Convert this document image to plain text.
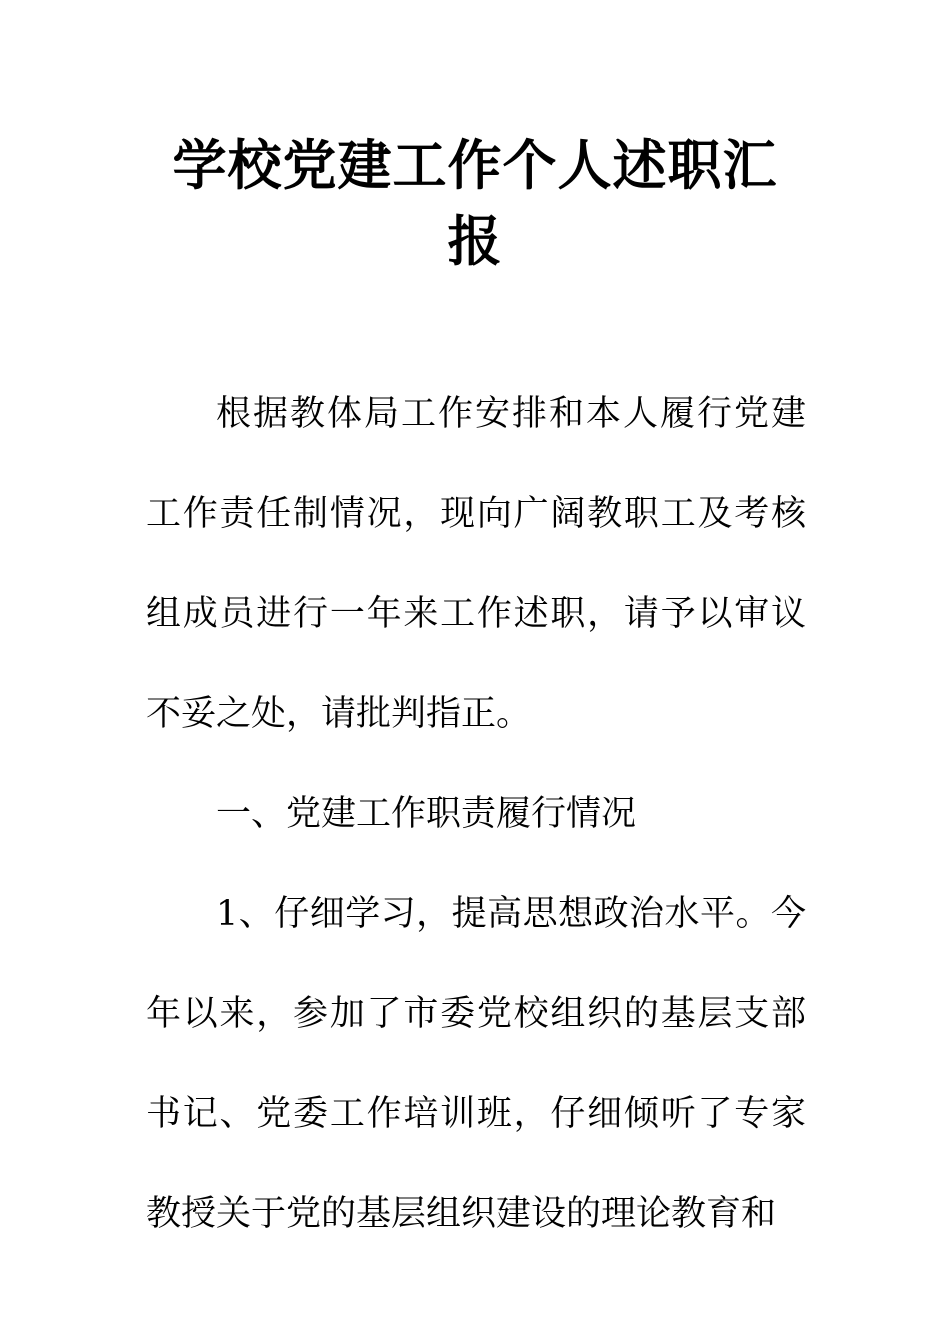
学校党建工作个人述职汇报

根据教体局工作安排和本人履行党建工作责任制情况，现向广阔教职工及考核组成员进行一年来工作述职，请予以审议不妥之处，请批判指正。

一、党建工作职责履行情况

1、仔细学习，提高思想政治水平。今年以来，参加了市委党校组织的基层支部书记、党委工作培训班，仔细倾听了专家教授关于党的基层组织建设的理论教育和
